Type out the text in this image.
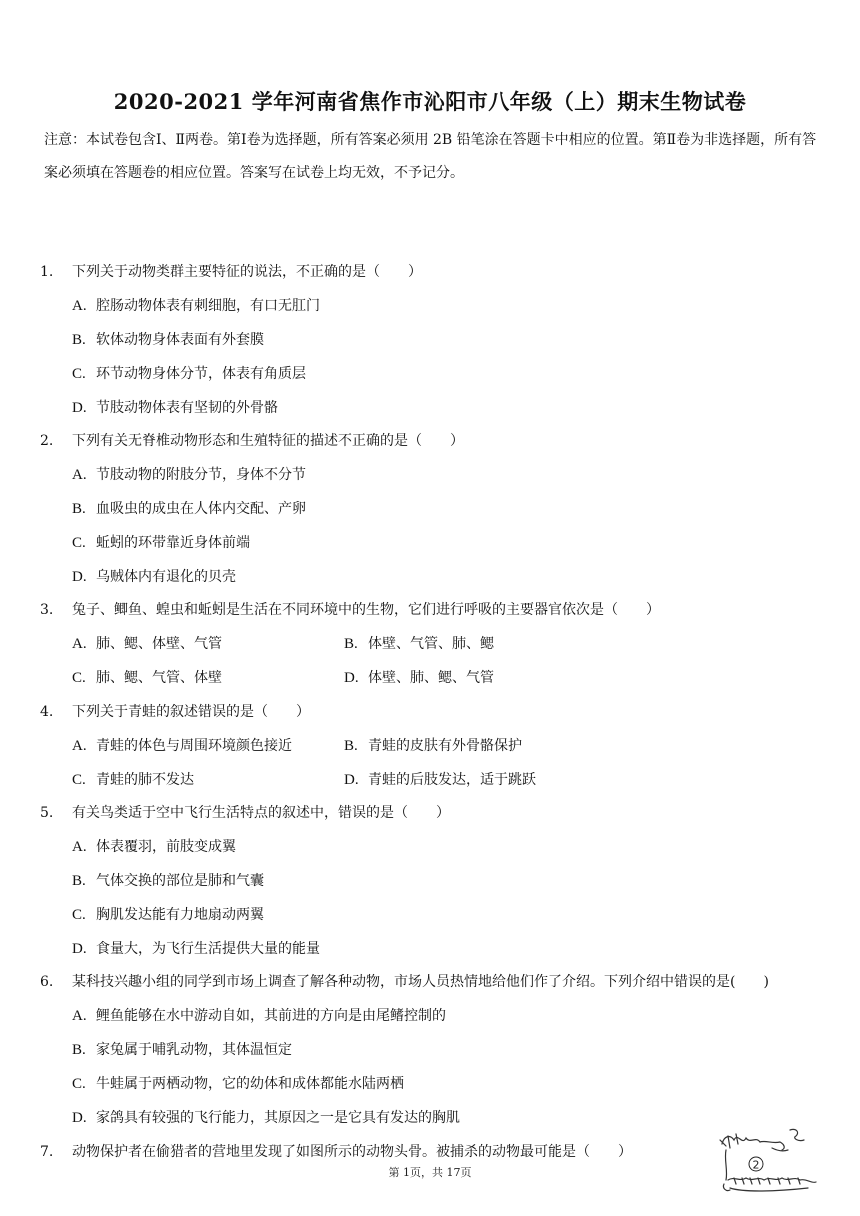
2020-2021 学年河南省焦作市沁阳市八年级（上）期末生物试卷
注意：本试卷包含Ⅰ、Ⅱ两卷。第Ⅰ卷为选择题，所有答案必须用 2B 铅笔涂在答题卡中相应的位置。第Ⅱ卷为非选择题，所有答案必须填在答题卷的相应位置。答案写在试卷上均无效，不予记分。
1. 下列关于动物类群主要特征的说法，不正确的是（　　）
A. 腔肠动物体表有刺细胞，有口无肛门
B. 软体动物身体表面有外套膜
C. 环节动物身体分节，体表有角质层
D. 节肢动物体表有坚韧的外骨骼
2. 下列有关无脊椎动物形态和生殖特征的描述不正确的是（　　）
A. 节肢动物的附肢分节，身体不分节
B. 血吸虫的成虫在人体内交配、产卵
C. 蚯蚓的环带靠近身体前端
D. 乌贼体内有退化的贝壳
3. 兔子、鲫鱼、蝗虫和蚯蚓是生活在不同环境中的生物，它们进行呼吸的主要器官依次是（　　）
A. 肺、鳃、体壁、气管	B. 体壁、气管、肺、鳃
C. 肺、鳃、气管、体壁	D. 体壁、肺、鳃、气管
4. 下列关于青蛙的叙述错误的是（　　）
A. 青蛙的体色与周围环境颜色接近	B. 青蛙的皮肤有外骨骼保护
C. 青蛙的肺不发达	D. 青蛙的后肢发达，适于跳跃
5. 有关鸟类适于空中飞行生活特点的叙述中，错误的是（　　）
A. 体表覆羽，前肢变成翼
B. 气体交换的部位是肺和气囊
C. 胸肌发达能有力地扇动两翼
D. 食量大，为飞行生活提供大量的能量
6. 某科技兴趣小组的同学到市场上调查了解各种动物，市场人员热情地给他们作了介绍。下列介绍中错误的是(　　)
A. 鲤鱼能够在水中游动自如，其前进的方向是由尾鳍控制的
B. 家兔属于哺乳动物，其体温恒定
C. 牛蛙属于两栖动物，它的幼体和成体都能水陆两栖
D. 家鸽具有较强的飞行能力，其原因之一是它具有发达的胸肌
7. 动物保护者在偷猎者的营地里发现了如图所示的动物头骨。被捕杀的动物最可能是（　　）
2
第 1页，共 17页
